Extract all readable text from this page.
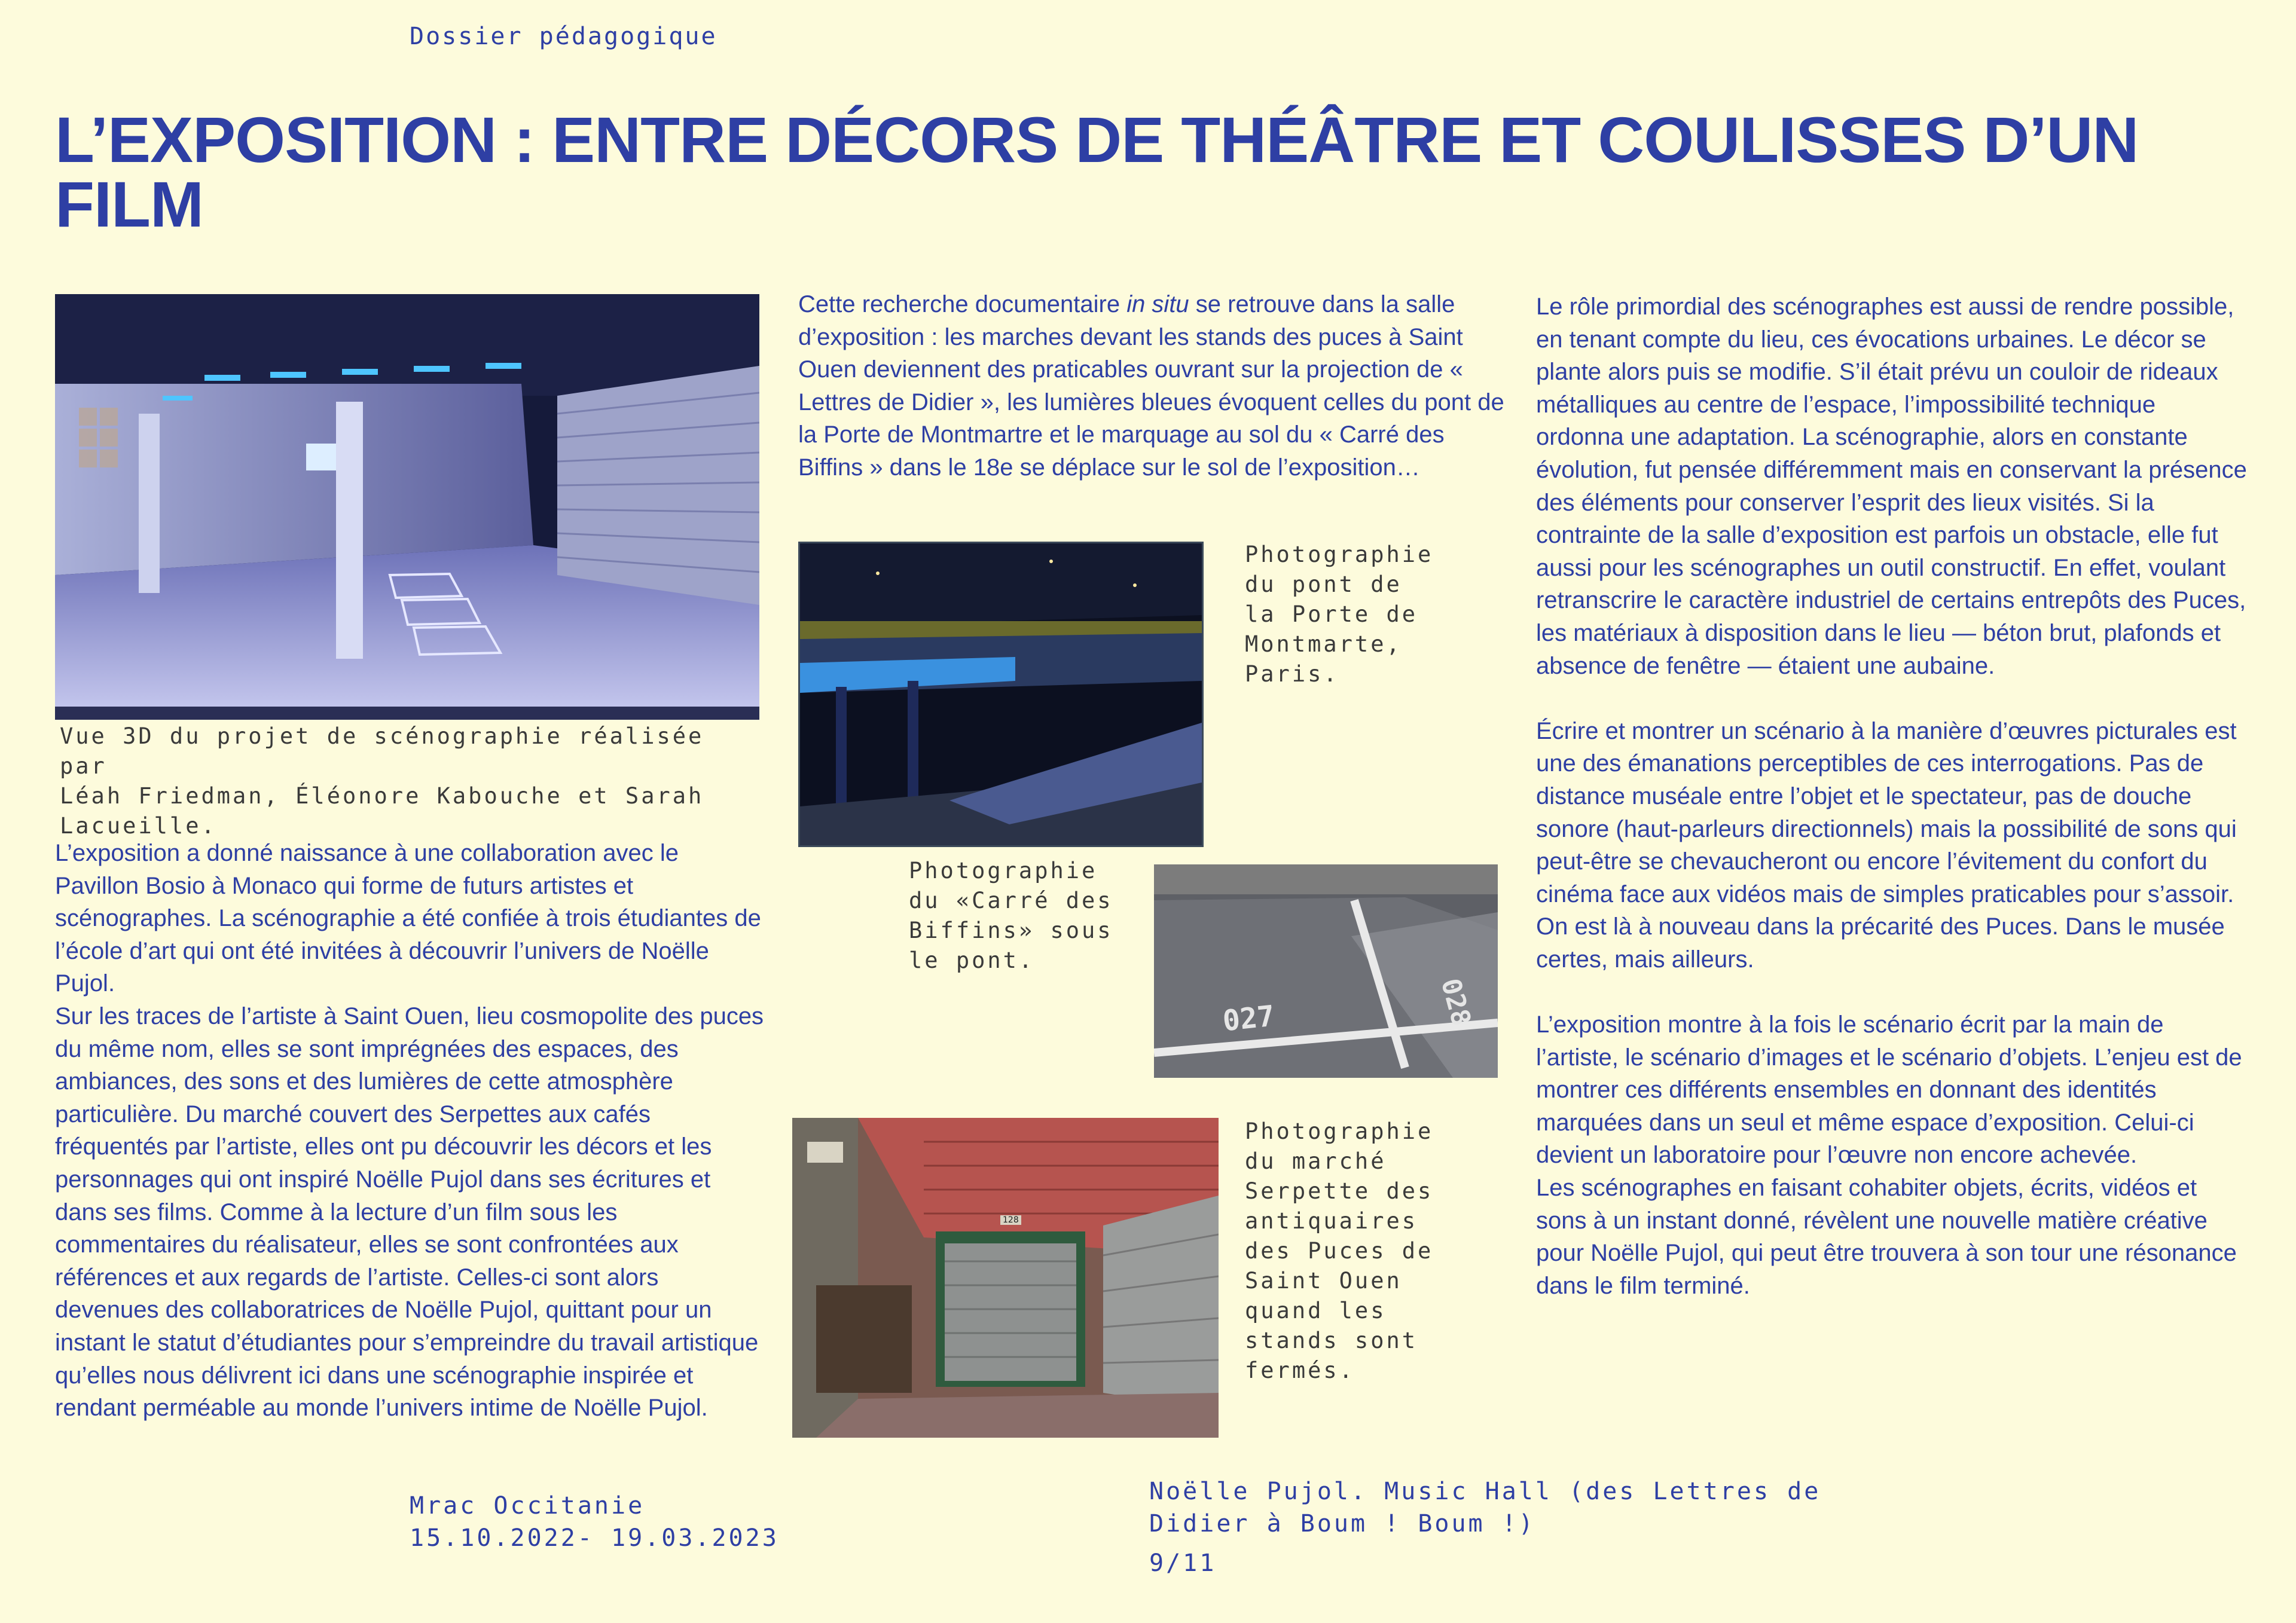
Dossier pédagogique
L’EXPOSITION : ENTRE DÉCORS DE THÉÂTRE ET COULISSES D’UN FILM

Vue 3D du projet de scénographie réalisée par
Léah Friedman, Éléonore Kabouche et Sarah
Lacueille.

L’exposition a donné naissance à une collaboration avec le Pavillon Bosio à Monaco qui forme de futurs artistes et scénographes. La scénographie a été confiée à trois étudiantes de l’école d’art qui ont été invitées à découvrir l’univers de Noëlle Pujol.

Sur les traces de l’artiste à Saint Ouen, lieu cosmopolite des puces du même nom, elles se sont imprégnées des espaces, des ambiances, des sons et des lumières de cette atmosphère particulière. Du marché couvert des Serpettes aux cafés fréquentés par l’artiste, elles ont pu découvrir les décors et les personnages qui ont inspiré Noëlle Pujol dans ses écritures et dans ses films. Comme à la lecture d’un film sous les commentaires du réalisateur, elles se sont confrontées aux références et aux regards de l’artiste. Celles-ci sont alors devenues des collaboratrices de Noëlle Pujol, quittant pour un instant le statut d’étudiantes pour s’empreindre du travail artistique qu’elles nous délivrent ici dans une scénographie inspirée et rendant perméable au monde l’univers intime de Noëlle Pujol.

Cette recherche documentaire in situ se retrouve dans la salle d’exposition : les marches devant les stands des puces à Saint Ouen deviennent des praticables ouvrant sur la projection de « Lettres de Didier », les lumières bleues évoquent celles du pont de la Porte de Montmartre et le marquage au sol du « Carré des Biffins » dans le 18e se déplace sur le sol de l’exposition…

Photographie
du pont de
la Porte de
Montmarte,
Paris.

Photographie
du «Carré des
Biffins» sous
le pont.

027	028
128

Photographie
du marché
Serpette des
antiquaires
des Puces de
Saint Ouen
quand les
stands sont
fermés.

Le rôle primordial des scénographes est aussi de rendre possible, en tenant compte du lieu, ces évocations urbaines. Le décor se plante alors puis se modifie. S’il était prévu un couloir de rideaux métalliques au centre de l’espace, l’impossibilité technique ordonna une adaptation. La scénographie, alors en constante évolution, fut pensée différemment mais en conservant la présence des éléments pour conserver l’esprit des lieux visités. Si la contrainte de la salle d’exposition est parfois un obstacle, elle fut aussi pour les scénographes un outil constructif. En effet, voulant retranscrire le caractère industriel de certains entrepôts des Puces, les matériaux à disposition dans le lieu — béton brut, plafonds et absence de fenêtre — étaient une aubaine.

Écrire et montrer un scénario à la manière d’œuvres picturales est une des émanations perceptibles de ces interrogations. Pas de distance muséale entre l’objet et le spectateur, pas de douche sonore (haut-parleurs directionnels) mais la possibilité de sons qui peut-être se chevaucheront ou encore l’évitement du confort du cinéma face aux vidéos mais de simples praticables pour s’assoir. On est là à nouveau dans la précarité des Puces. Dans le musée certes, mais ailleurs.

L’exposition montre à la fois le scénario écrit par la main de l’artiste, le scénario d’images et le scénario d’objets. L’enjeu est de montrer ces différents ensembles en donnant des identités marquées dans un seul et même espace d’exposition. Celui-ci devient un laboratoire pour l’œuvre non encore achevée.

Les scénographes en faisant cohabiter objets, écrits, vidéos et sons à un instant donné, révèlent une nouvelle matière créative pour Noëlle Pujol, qui peut être trouvera à son tour une résonance dans le film terminé.

Mrac Occitanie
15.10.2022- 19.03.2023
Noëlle Pujol. Music Hall (des Lettres de
Didier à Boum ! Boum !)
9/11
